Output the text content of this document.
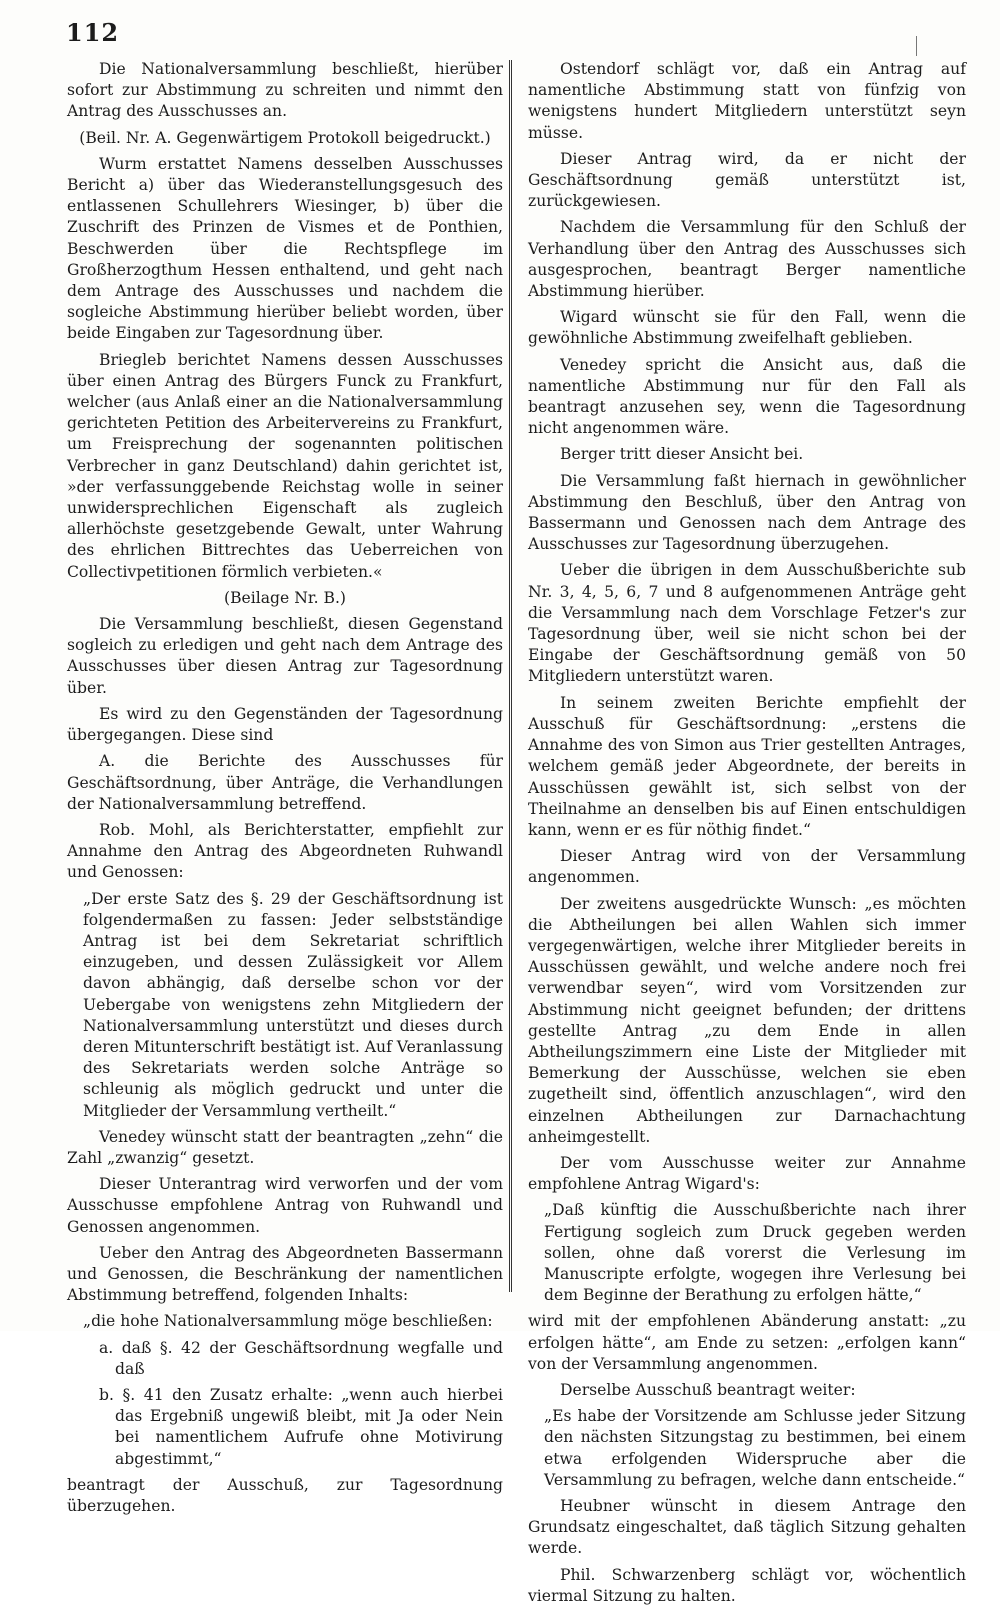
112

Die Nationalversammlung beschließt, hierüber sofort zur Abstimmung zu schreiten und nimmt den Antrag des Ausschusses an.

(Beil. Nr. A. Gegenwärtigem Protokoll beigedruckt.)

Wurm erstattet Namens desselben Ausschusses Bericht a) über das Wiederanstellungsgesuch des entlassenen Schullehrers Wiesinger, b) über die Zuschrift des Prinzen de Vismes et de Ponthien, Beschwerden über die Rechtspflege im Großherzogthum Hessen enthaltend, und geht nach dem Antrage des Ausschusses und nachdem die sogleiche Abstimmung hierüber beliebt worden, über beide Eingaben zur Tagesordnung über.

Briegleb berichtet Namens dessen Ausschusses über einen Antrag des Bürgers Funck zu Frankfurt, welcher (aus Anlaß einer an die Nationalversammlung gerichteten Petition des Arbeitervereins zu Frankfurt, um Freisprechung der sogenannten politischen Verbrecher in ganz Deutschland) dahin gerichtet ist, »der verfassunggebende Reichstag wolle in seiner unwidersprechlichen Eigenschaft als zugleich allerhöchste gesetzgebende Gewalt, unter Wahrung des ehrlichen Bittrechtes das Ueberreichen von Collectivpetitionen förmlich verbieten.«

(Beilage Nr. B.)

Die Versammlung beschließt, diesen Gegenstand sogleich zu erledigen und geht nach dem Antrage des Ausschusses über diesen Antrag zur Tagesordnung über.

Es wird zu den Gegenständen der Tagesordnung übergegangen. Diese sind

A. die Berichte des Ausschusses für Geschäftsordnung, über Anträge, die Verhandlungen der Nationalversammlung betreffend.

Rob. Mohl, als Berichterstatter, empfiehlt zur Annahme den Antrag des Abgeordneten Ruhwandl und Genossen:

„Der erste Satz des §. 29 der Geschäftsordnung ist folgendermaßen zu fassen: Jeder selbstständige Antrag ist bei dem Sekretariat schriftlich einzugeben, und dessen Zulässigkeit vor Allem davon abhängig, daß derselbe schon vor der Uebergabe von wenigstens zehn Mitgliedern der Nationalversammlung unterstützt und dieses durch deren Mitunterschrift bestätigt ist. Auf Veranlassung des Sekretariats werden solche Anträge so schleunig als möglich gedruckt und unter die Mitglieder der Versammlung vertheilt.“

Venedey wünscht statt der beantragten „zehn“ die Zahl „zwanzig“ gesetzt.

Dieser Unterantrag wird verworfen und der vom Ausschusse empfohlene Antrag von Ruhwandl und Genossen angenommen.

Ueber den Antrag des Abgeordneten Bassermann und Genossen, die Beschränkung der namentlichen Abstimmung betreffend, folgenden Inhalts:

„die hohe Nationalversammlung möge beschließen:

a. daß §. 42 der Geschäftsordnung wegfalle und daß

b. §. 41 den Zusatz erhalte: „wenn auch hierbei das Ergebniß ungewiß bleibt, mit Ja oder Nein bei namentlichem Aufrufe ohne Motivirung abgestimmt,“

beantragt der Ausschuß, zur Tagesordnung überzugehen.

Ostendorf schlägt vor, daß ein Antrag auf namentliche Abstimmung statt von fünfzig von wenigstens hundert Mitgliedern unterstützt seyn müsse.

Dieser Antrag wird, da er nicht der Geschäftsordnung gemäß unterstützt ist, zurückgewiesen.

Nachdem die Versammlung für den Schluß der Verhandlung über den Antrag des Ausschusses sich ausgesprochen, beantragt Berger namentliche Abstimmung hierüber.

Wigard wünscht sie für den Fall, wenn die gewöhnliche Abstimmung zweifelhaft geblieben.

Venedey spricht die Ansicht aus, daß die namentliche Abstimmung nur für den Fall als beantragt anzusehen sey, wenn die Tagesordnung nicht angenommen wäre.

Berger tritt dieser Ansicht bei.

Die Versammlung faßt hiernach in gewöhnlicher Abstimmung den Beschluß, über den Antrag von Bassermann und Genossen nach dem Antrage des Ausschusses zur Tagesordnung überzugehen.

Ueber die übrigen in dem Ausschußberichte sub Nr. 3, 4, 5, 6, 7 und 8 aufgenommenen Anträge geht die Versammlung nach dem Vorschlage Fetzer's zur Tagesordnung über, weil sie nicht schon bei der Eingabe der Geschäftsordnung gemäß von 50 Mitgliedern unterstützt waren.

In seinem zweiten Berichte empfiehlt der Ausschuß für Geschäftsordnung: „erstens die Annahme des von Simon aus Trier gestellten Antrages, welchem gemäß jeder Abgeordnete, der bereits in Ausschüssen gewählt ist, sich selbst von der Theilnahme an denselben bis auf Einen entschuldigen kann, wenn er es für nöthig findet.“

Dieser Antrag wird von der Versammlung angenommen.

Der zweitens ausgedrückte Wunsch: „es möchten die Abtheilungen bei allen Wahlen sich immer vergegenwärtigen, welche ihrer Mitglieder bereits in Ausschüssen gewählt, und welche andere noch frei verwendbar seyen“, wird vom Vorsitzenden zur Abstimmung nicht geeignet befunden; der drittens gestellte Antrag „zu dem Ende in allen Abtheilungszimmern eine Liste der Mitglieder mit Bemerkung der Ausschüsse, welchen sie eben zugetheilt sind, öffentlich anzuschlagen“, wird den einzelnen Abtheilungen zur Darnachachtung anheimgestellt.

Der vom Ausschusse weiter zur Annahme empfohlene Antrag Wigard's:

„Daß künftig die Ausschußberichte nach ihrer Fertigung sogleich zum Druck gegeben werden sollen, ohne daß vorerst die Verlesung im Manuscripte erfolgte, wogegen ihre Verlesung bei dem Beginne der Berathung zu erfolgen hätte,“

wird mit der empfohlenen Abänderung anstatt: „zu erfolgen hätte“, am Ende zu setzen: „erfolgen kann“ von der Versammlung angenommen.

Derselbe Ausschuß beantragt weiter:

„Es habe der Vorsitzende am Schlusse jeder Sitzung den nächsten Sitzungstag zu bestimmen, bei einem etwa erfolgenden Widerspruche aber die Versammlung zu befragen, welche dann entscheide.“

Heubner wünscht in diesem Antrage den Grundsatz eingeschaltet, daß täglich Sitzung gehalten werde.

Phil. Schwarzenberg schlägt vor, wöchentlich viermal Sitzung zu halten.
